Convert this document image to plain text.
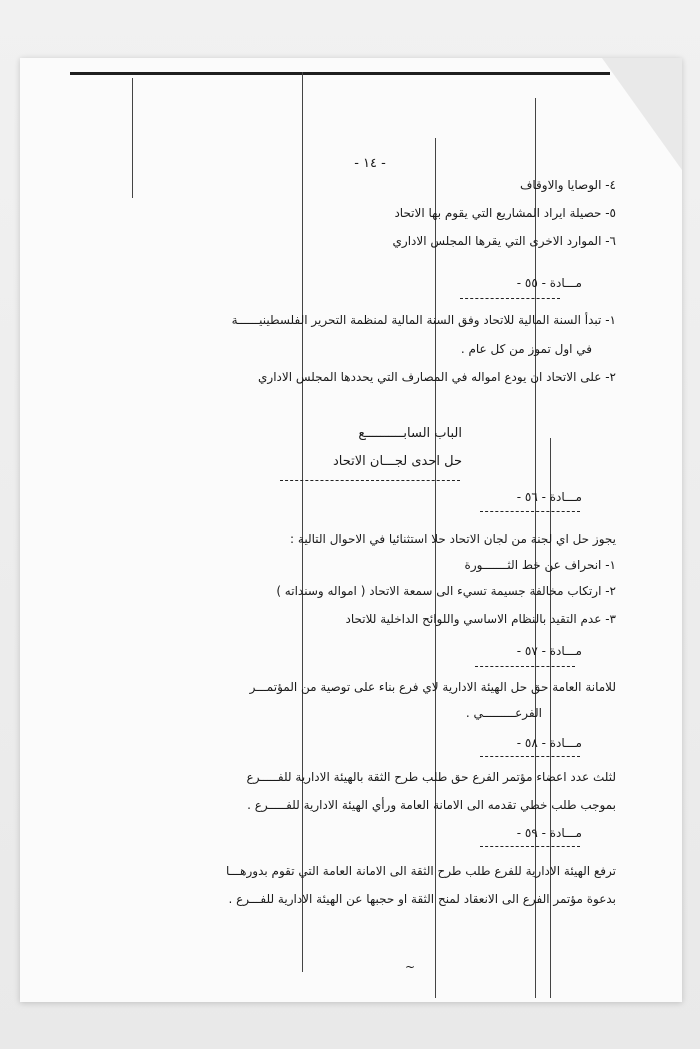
- ١٤ -
٤- الوصايا والاوقاف
٥- حصيلة ايراد المشاريع التي يقوم بها الاتحاد
٦- الموارد الاخرى التي يقرها المجلس الاداري
مـــادة - ٥٥ -
١- تبدأ السنة المالية للاتحاد وفق السنة المالية لمنظمة التحرير الفلسطينيــــــة
في اول تموز من كل عام .
٢- على الاتحاد ان يودع امواله في المصارف التي يحددها المجلس الاداري
الباب السابــــــــــع
حل احدى لجـــان الاتحاد
مـــادة - ٥٦ -
يجوز حل اي لجنة من لجان الاتحاد حلا استثنائيا في الاحوال التالية :
١- انحراف عن خط الثـــــــورة
٢- ارتكاب مخالفة جسيمة تسيء الى سمعة الاتحاد ( امواله وسنداته )
٣- عدم التقيد بالنظام الاساسي واللوائح الداخلية للاتحاد
مـــادة - ٥٧ -
للامانة العامة حق حل الهيئة الادارية لاي فرع بناء على توصية من المؤتمـــر
الفرعـــــــــي .
مـــادة - ٥٨ -
لثلث عدد اعضاء مؤتمر الفرع حق طلب طرح الثقة بالهيئة الادارية للفـــــرع
بموجب طلب خطي تقدمه الى الامانة العامة ورأي الهيئة الادارية للفـــــرع .
مـــادة - ٥٩ -
ترفع الهيئة الادارية للفرع طلب طرح الثقة الى الامانة العامة التي تقوم بدورهـــا
بدعوة مؤتمر الفرع الى الانعقاد لمنح الثقة او حجبها عن الهيئة الادارية للفـــرع .
~
